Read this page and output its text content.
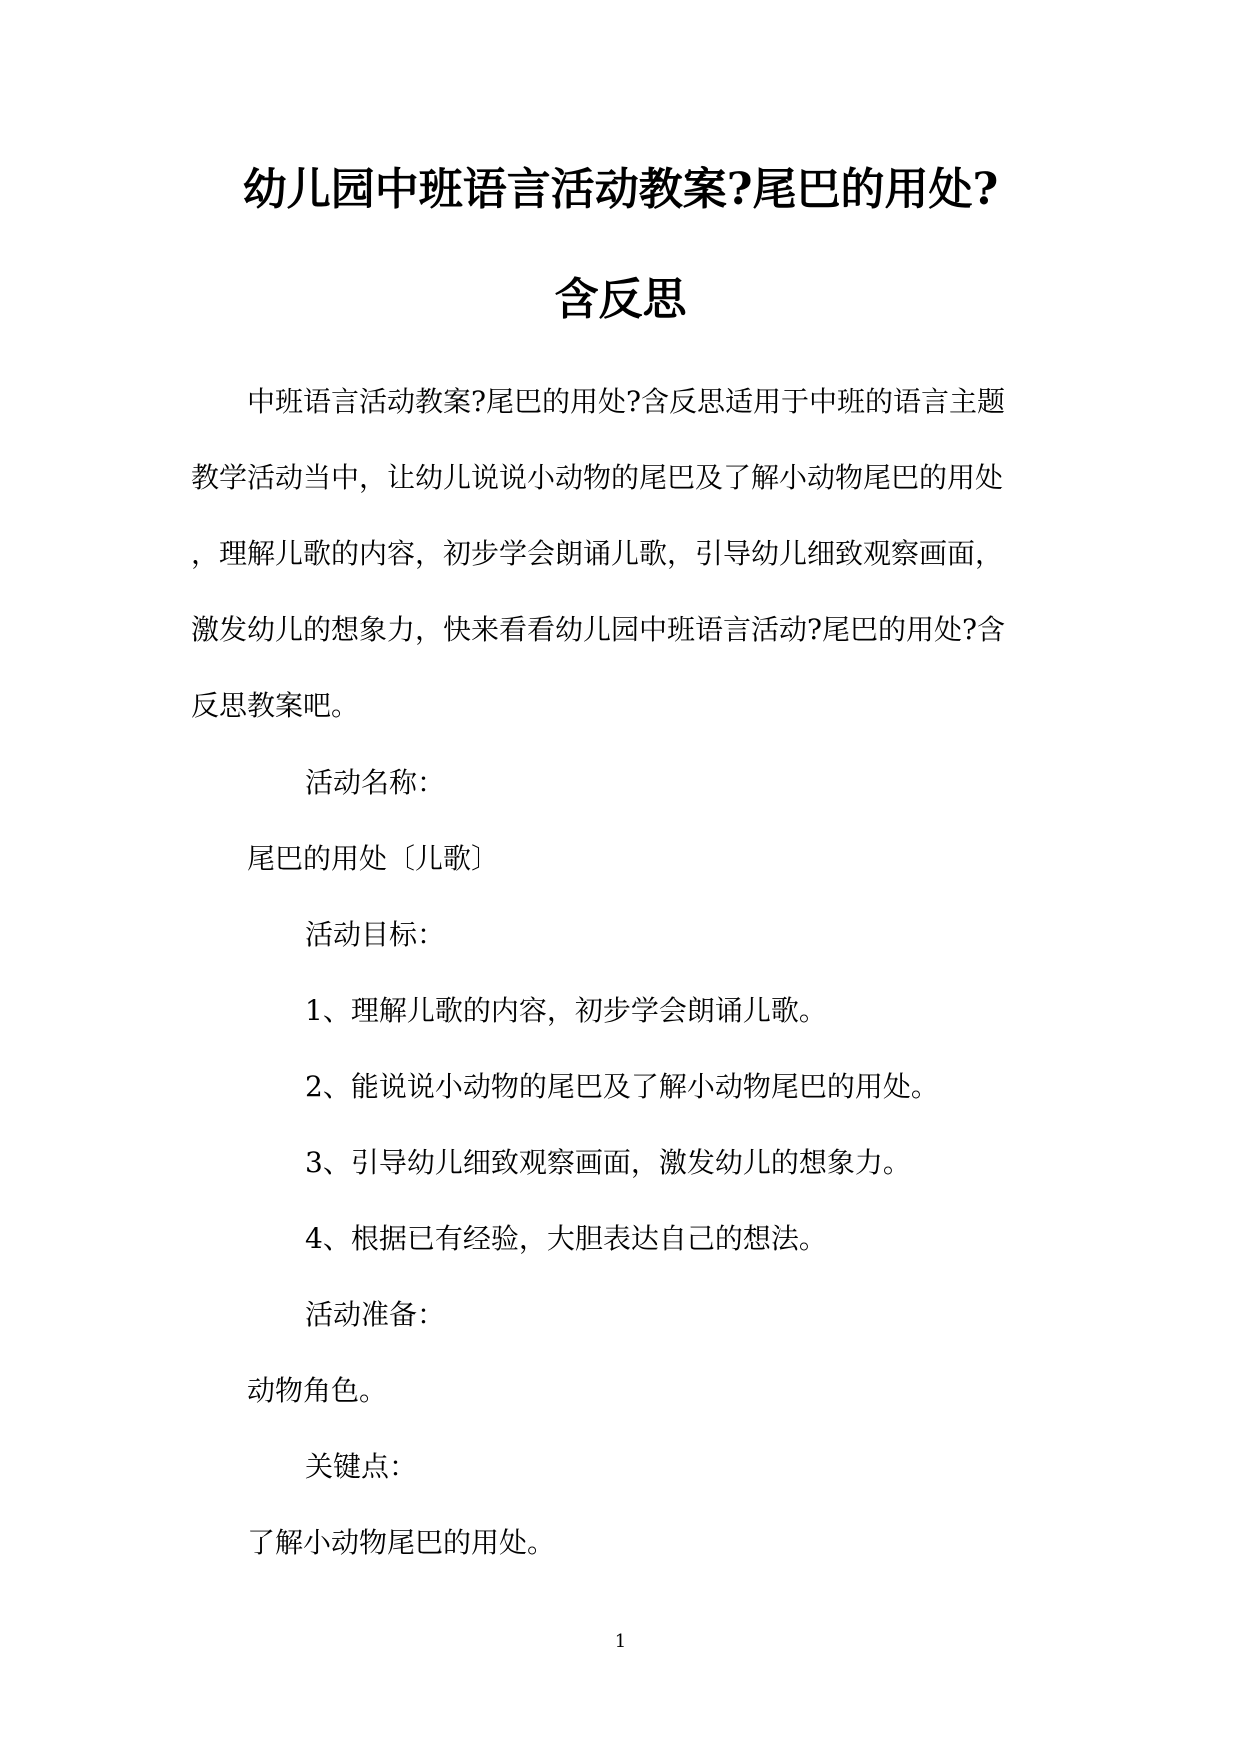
幼儿园中班语言活动教案?尾巴的用处?
含反思
中班语言活动教案?尾巴的用处?含反思适用于中班的语言主题
教学活动当中，让幼儿说说小动物的尾巴及了解小动物尾巴的用处
，理解儿歌的内容，初步学会朗诵儿歌，引导幼儿细致观察画面，
激发幼儿的想象力，快来看看幼儿园中班语言活动?尾巴的用处?含
反思教案吧。
活动名称：
尾巴的用处〔儿歌〕
活动目标：
1、理解儿歌的内容，初步学会朗诵儿歌。
2、能说说小动物的尾巴及了解小动物尾巴的用处。
3、引导幼儿细致观察画面，激发幼儿的想象力。
4、根据已有经验，大胆表达自己的想法。
活动准备：
动物角色。
关键点：
了解小动物尾巴的用处。
1
